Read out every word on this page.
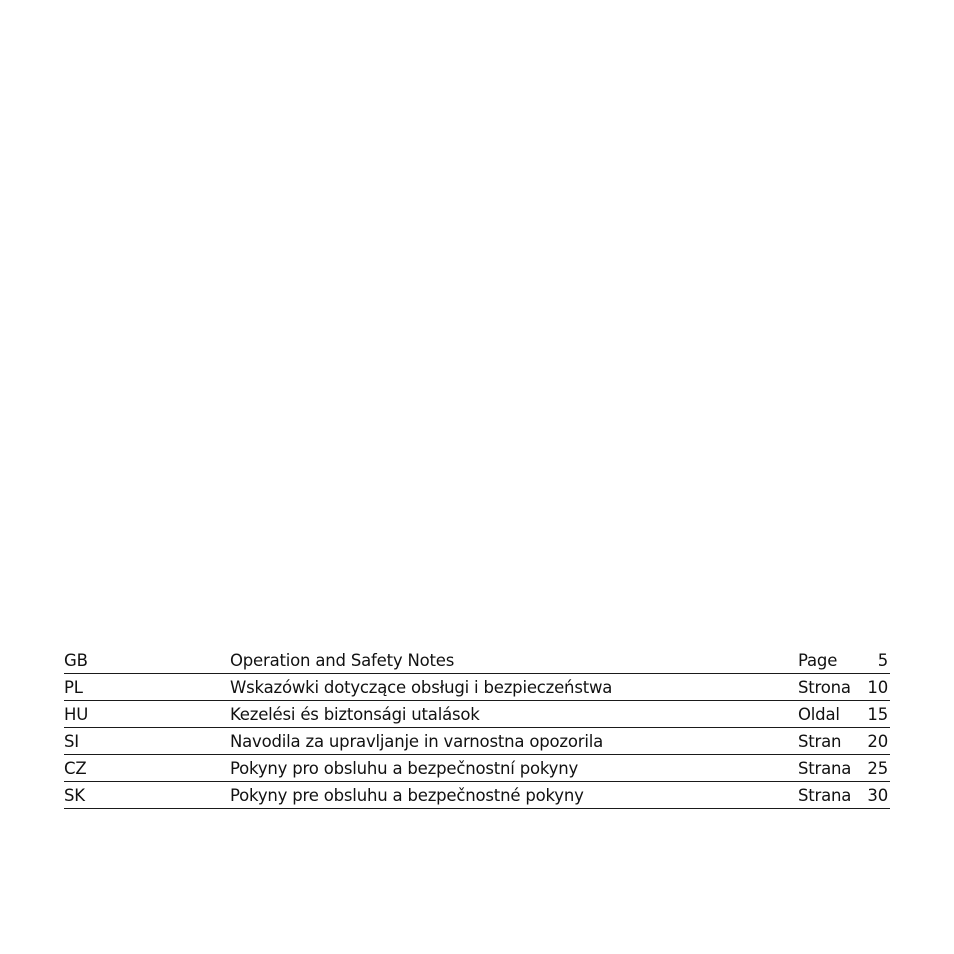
GB	Operation and Safety Notes	Page 5
PL	Wskazówki dotyczące obsługi i bezpieczeństwa	Strona 10
HU	Kezelési és biztonsági utalások	Oldal 15
SI	Navodila za upravljanje in varnostna opozorila	Stran 20
CZ	Pokyny pro obsluhu a bezpečnostní pokyny	Strana 25
SK	Pokyny pre obsluhu a bezpečnostné pokyny	Strana 30
